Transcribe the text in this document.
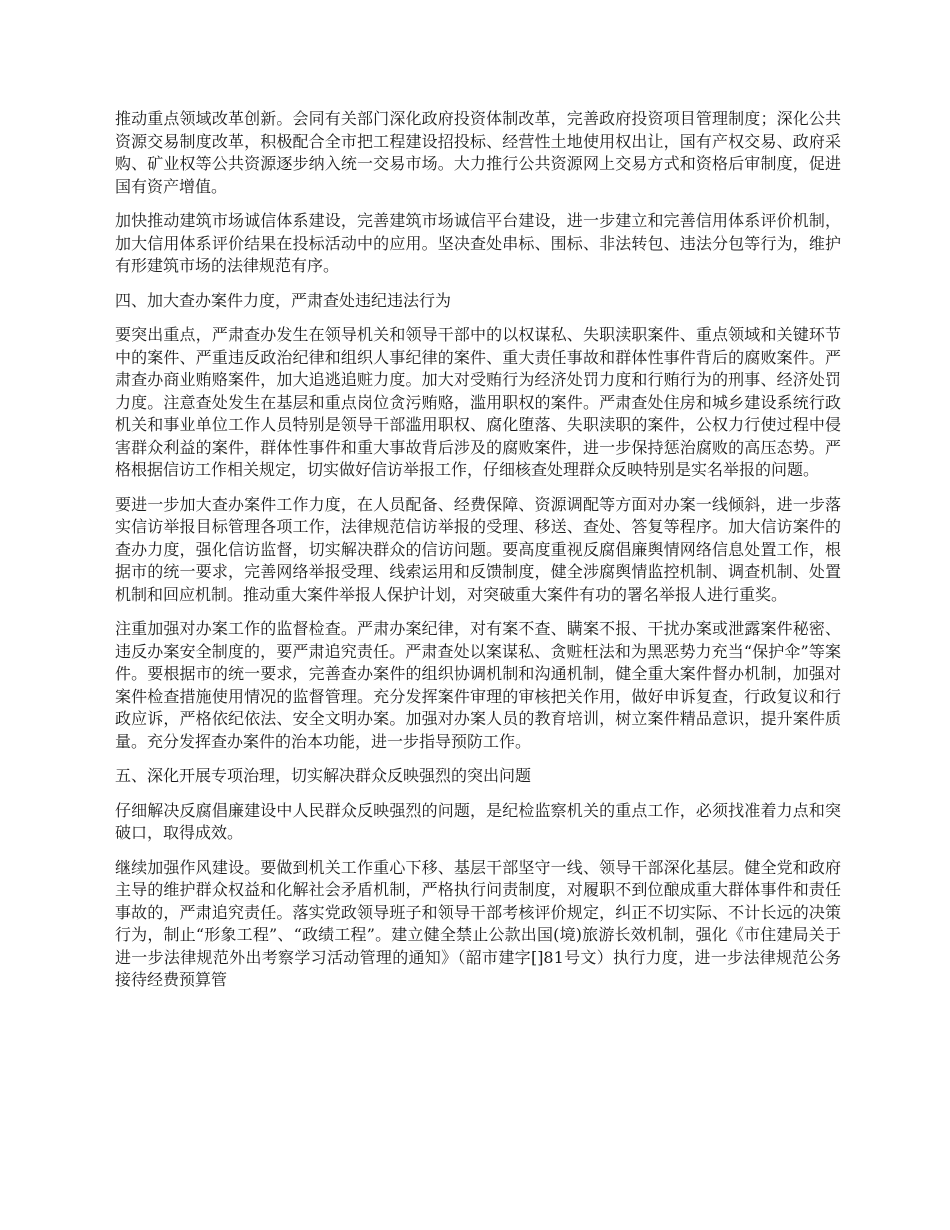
推动重点领域改革创新。会同有关部门深化政府投资体制改革，完善政府投资项目管理制度；深化公共资源交易制度改革，积极配合全市把工程建设招投标、经营性土地使用权出让，国有产权交易、政府采购、矿业权等公共资源逐步纳入统一交易市场。大力推行公共资源网上交易方式和资格后审制度，促进国有资产增值。

加快推动建筑市场诚信体系建设，完善建筑市场诚信平台建设，进一步建立和完善信用体系评价机制，加大信用体系评价结果在投标活动中的应用。坚决查处串标、围标、非法转包、违法分包等行为，维护有形建筑市场的法律规范有序。

四、加大查办案件力度，严肃查处违纪违法行为

要突出重点，严肃查办发生在领导机关和领导干部中的以权谋私、失职渎职案件、重点领域和关键环节中的案件、严重违反政治纪律和组织人事纪律的案件、重大责任事故和群体性事件背后的腐败案件。严肃查办商业贿赂案件，加大追逃追赃力度。加大对受贿行为经济处罚力度和行贿行为的刑事、经济处罚力度。注意查处发生在基层和重点岗位贪污贿赂，滥用职权的案件。严肃查处住房和城乡建设系统行政机关和事业单位工作人员特别是领导干部滥用职权、腐化堕落、失职渎职的案件，公权力行使过程中侵害群众利益的案件，群体性事件和重大事故背后涉及的腐败案件，进一步保持惩治腐败的高压态势。严格根据信访工作相关规定，切实做好信访举报工作，仔细核查处理群众反映特别是实名举报的问题。

要进一步加大查办案件工作力度，在人员配备、经费保障、资源调配等方面对办案一线倾斜，进一步落实信访举报目标管理各项工作，法律规范信访举报的受理、移送、查处、答复等程序。加大信访案件的查办力度，强化信访监督，切实解决群众的信访问题。要高度重视反腐倡廉舆情网络信息处置工作，根据市的统一要求，完善网络举报受理、线索运用和反馈制度，健全涉腐舆情监控机制、调查机制、处置机制和回应机制。推动重大案件举报人保护计划，对突破重大案件有功的署名举报人进行重奖。

注重加强对办案工作的监督检查。严肃办案纪律，对有案不查、瞒案不报、干扰办案或泄露案件秘密、违反办案安全制度的，要严肃追究责任。严肃查处以案谋私、贪赃枉法和为黑恶势力充当“保护伞”等案件。要根据市的统一要求，完善查办案件的组织协调机制和沟通机制，健全重大案件督办机制，加强对案件检查措施使用情况的监督管理。充分发挥案件审理的审核把关作用，做好申诉复查，行政复议和行政应诉，严格依纪依法、安全文明办案。加强对办案人员的教育培训，树立案件精品意识，提升案件质量。充分发挥查办案件的治本功能，进一步指导预防工作。

五、深化开展专项治理，切实解决群众反映强烈的突出问题

仔细解决反腐倡廉建设中人民群众反映强烈的问题，是纪检监察机关的重点工作，必须找准着力点和突破口，取得成效。

继续加强作风建设。要做到机关工作重心下移、基层干部坚守一线、领导干部深化基层。健全党和政府主导的维护群众权益和化解社会矛盾机制，严格执行问责制度，对履职不到位酿成重大群体事件和责任事故的，严肃追究责任。落实党政领导班子和领导干部考核评价规定，纠正不切实际、不计长远的决策行为，制止“形象工程”、“政绩工程”。建立健全禁止公款出国(境)旅游长效机制，强化《市住建局关于进一步法律规范外出考察学习活动管理的通知》（韶市建字[]81号文）执行力度，进一步法律规范公务接待经费预算管
